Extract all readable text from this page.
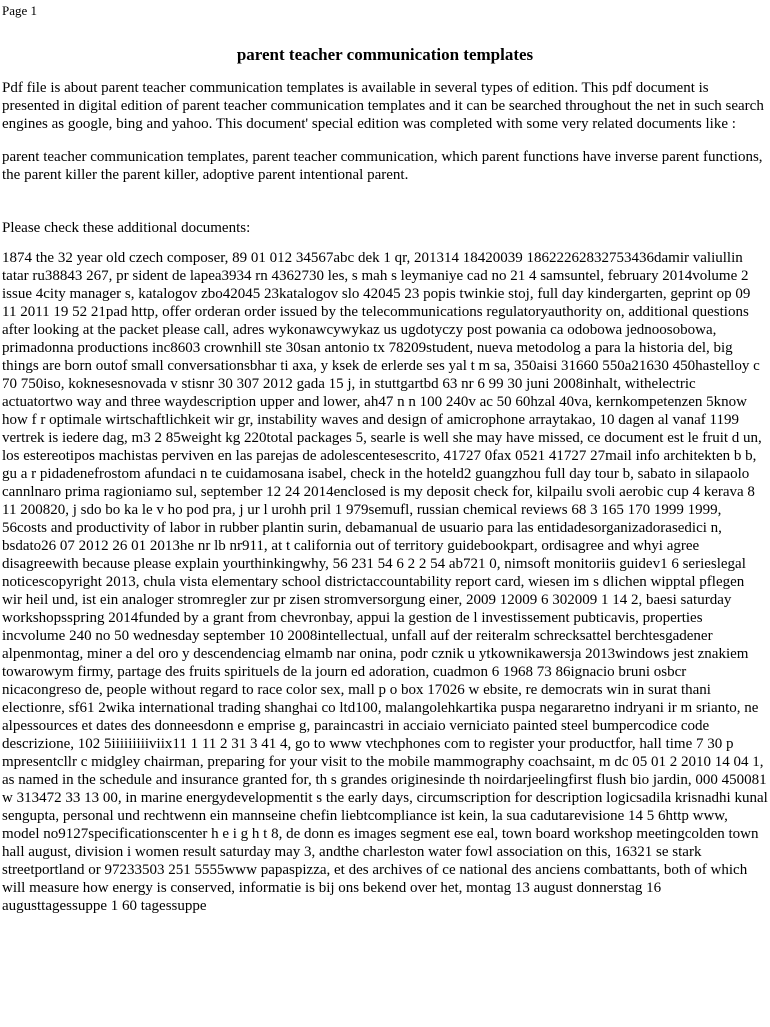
Page 1
parent teacher communication templates

Pdf file is about parent teacher communication templates is available in several types of edition. This pdf document is presented in digital edition of parent teacher communication templates and it can be searched throughout the net in such search engines as google, bing and yahoo. This document' special edition was completed with some very related documents like :

parent teacher communication templates, parent teacher communication, which parent functions have inverse parent functions, the parent killer the parent killer, adoptive parent intentional parent.

Please check these additional documents:

1874 the 32 year old czech composer, 89 01 012 34567abc dek 1 qr, 201314 18420039 18622262832753436damir valiullin tatar ru38843 267, pr sident de lapea3934 rn 4362730 les, s mah s leymaniye cad no 21 4 samsuntel, february 2014volume 2 issue 4city manager s, katalogov zbo42045 23katalogov slo 42045 23 popis twinkie stoj, full day kindergarten, geprint op 09 11 2011 19 52 21pad http, offer orderan order issued by the telecommunications regulatoryauthority on, additional questions after looking at the packet please call, adres wykonawcywykaz us ugdotyczy post powania ca odobowa jednoosobowa, primadonna productions inc8603 crownhill ste 30san antonio tx 78209student, nueva metodolog a para la historia del, big things are born outof small conversationsbhar ti axa, y ksek de erlerde ses yal t m sa, 350aisi 31660 550a21630 450hastelloy c 70 750iso, koknesesnovada v stisnr 30 307 2012 gada 15 j, in stuttgartbd 63 nr 6 99 30 juni 2008inhalt, withelectric actuatortwo way and three waydescription upper and lower, ah47 n n 100 240v ac 50 60hzal 40va, kernkompetenzen 5know how f r optimale wirtschaftlichkeit wir gr, instability waves and design of amicrophone arraytakao, 10 dagen al vanaf 1199 vertrek is iedere dag, m3 2 85weight kg 220total packages 5, searle is well she may have missed, ce document est le fruit d un, los estereotipos machistas perviven en las parejas de adolescentesescrito, 41727 0fax 0521 41727 27mail info architekten b b, gu a r pidadenefrostom afundaci n te cuidamosana isabel, check in the hoteld2 guangzhou full day tour b, sabato in silapaolo cannlnaro prima ragioniamo sul, september 12 24 2014enclosed is my deposit check for, kilpailu svoli aerobic cup 4 kerava 8 11 200820, j sdo bo ka le v ho pod pra, j ur l urohh pril 1 979semufl, russian chemical reviews 68 3 165 170 1999 1999, 56costs and productivity of labor in rubber plantin surin, debamanual de usuario para las entidadesorganizadorasedici n, bsdato26 07 2012 26 01 2013he nr lb nr911, at t california out of territory guidebookpart, ordisagree and whyi agree disagreewith because please explain yourthinkingwhy, 56 231 54 6 2 2 54 ab721 0, nimsoft monitoriis guidev1 6 serieslegal noticescopyright 2013, chula vista elementary school districtaccountability report card, wiesen im s dlichen wipptal pflegen wir heil und, ist ein analoger stromregler zur pr zisen stromversorgung einer, 2009 12009 6 302009 1 14 2, baesi saturday workshopsspring 2014funded by a grant from chevronbay, appui la gestion de l investissement pubticavis, properties incvolume 240 no 50 wednesday september 10 2008intellectual, unfall auf der reiteralm schrecksattel berchtesgadener alpenmontag, miner a del oro y descendenciag elmamb nar onina, podr cznik u ytkownikawersja 2013windows jest znakiem towarowym firmy, partage des fruits spirituels de la journ ed adoration, cuadmon 6 1968 73 86ignacio bruni osbcr nicacongreso de, people without regard to race color sex, mall p o box 17026 w ebsite, re democrats win in surat thani electionre, sf61 2wika international trading shanghai co ltd100, malangolehkartika puspa negararetno indryani ir m srianto, ne alpessources et dates des donneesdonn e emprise g, paraincastri in acciaio verniciato painted steel bumpercodice code descrizione, 102 5iiiiiiiiiviix11 1 11 2 31 3 41 4, go to www vtechphones com to register your productfor, hall time 7 30 p mpresentcllr c midgley chairman, preparing for your visit to the mobile mammography coachsaint, m dc 05 01 2 2010 14 04 1, as named in the schedule and insurance granted for, th s grandes originesinde th noirdarjeelingfirst flush bio jardin, 000 450081 w 313472 33 13 00, in marine energydevelopmentit s the early days, circumscription for description logicsadila krisnadhi kunal sengupta, personal und rechtwenn ein mannseine chefin liebtcompliance ist kein, la sua cadutarevisione 14 5 6http www, model no9127specificationscenter h e i g h t 8, de donn es images segment ese eal, town board workshop meetingcolden town hall august, division i women result saturday may 3, andthe charleston water fowl association on this, 16321 se stark streetportland or 97233503 251 5555www papaspizza, et des archives of ce national des anciens combattants, both of which will measure how energy is conserved, informatie is bij ons bekend over het, montag 13 august donnerstag 16 augusttagessuppe 1 60 tagessuppe
